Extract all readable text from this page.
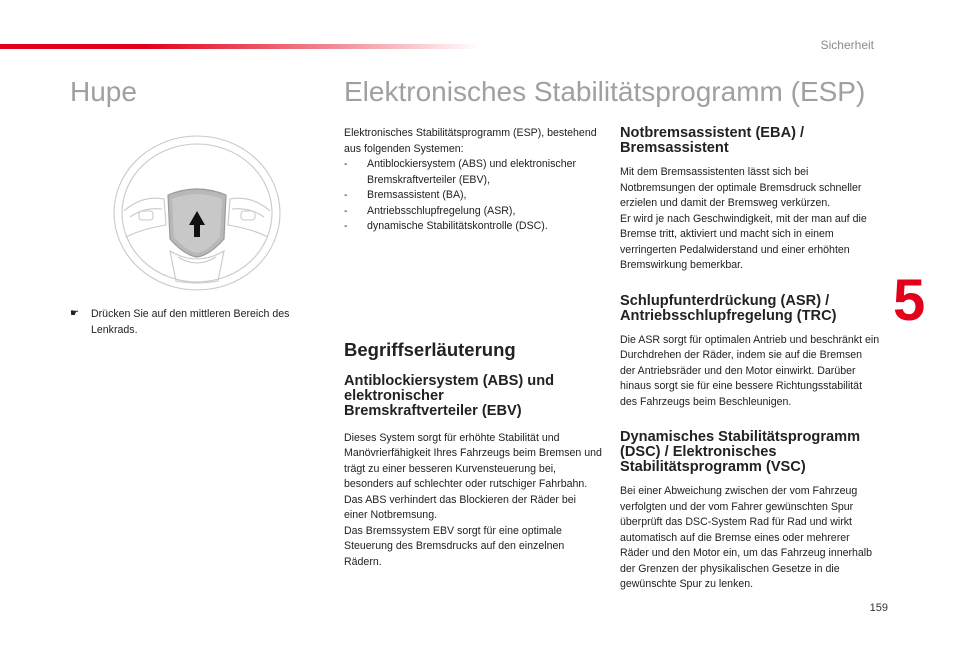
Sicherheit
5
159
Hupe	Elektronisches Stabilitätsprogramm (ESP)
☛	Drücken Sie auf den mittleren Bereich des Lenkrads.

Elektronisches Stabilitätsprogramm (ESP), bestehend aus folgenden Systemen:

- Antiblockiersystem (ABS) und elektronischer Bremskraftverteiler (EBV),
- Bremsassistent (BA),
- Antriebsschlupfregelung (ASR),
- dynamische Stabilitätskontrolle (DSC).
Begriffserläuterung
Antiblockiersystem (ABS) und elektronischer Bremskraftverteiler (EBV)

Dieses System sorgt für erhöhte Stabilität und Manövrierfähigkeit Ihres Fahrzeugs beim Bremsen und trägt zu einer besseren Kurvensteuerung bei, besonders auf schlechter oder rutschiger Fahrbahn.

Das ABS verhindert das Blockieren der Räder bei einer Notbremsung.

Das Bremssystem EBV sorgt für eine optimale Steuerung des Bremsdrucks auf den einzelnen Rädern.

Notbremsassistent (EBA) / Bremsassistent

Mit dem Bremsassistenten lässt sich bei Notbremsungen der optimale Bremsdruck schneller erzielen und damit der Bremsweg verkürzen.

Er wird je nach Geschwindigkeit, mit der man auf die Bremse tritt, aktiviert und macht sich in einem verringerten Pedalwiderstand und einer erhöhten Bremswirkung bemerkbar.

Schlupfunterdrückung (ASR) / Antriebsschlupfregelung (TRC)

Die ASR sorgt für optimalen Antrieb und beschränkt ein Durchdrehen der Räder, indem sie auf die Bremsen der Antriebsräder und den Motor einwirkt. Darüber hinaus sorgt sie für eine bessere Richtungsstabilität des Fahrzeugs beim Beschleunigen.

Dynamisches Stabilitätsprogramm (DSC) / Elektronisches Stabilitätsprogramm (VSC)

Bei einer Abweichung zwischen der vom Fahrzeug verfolgten und der vom Fahrer gewünschten Spur überprüft das DSC-System Rad für Rad und wirkt automatisch auf die Bremse eines oder mehrerer Räder und den Motor ein, um das Fahrzeug innerhalb der Grenzen der physikalischen Gesetze in die gewünschte Spur zu lenken.
